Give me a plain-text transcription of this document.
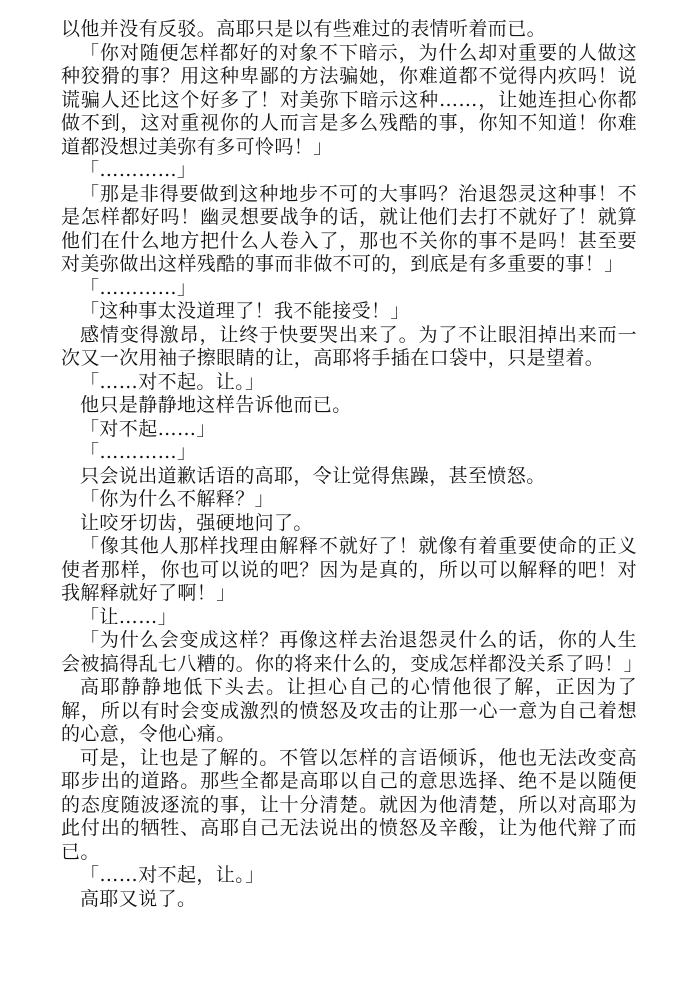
以他并没有反驳。高耶只是以有些难过的表情听着而已。

「你对随便怎样都好的对象不下暗示，为什么却对重要的人做这种狡猾的事？用这种卑鄙的方法骗她，你难道都不觉得内疚吗！说谎骗人还比这个好多了！对美弥下暗示这种……，让她连担心你都做不到，这对重视你的人而言是多么残酷的事，你知不知道！你难道都没想过美弥有多可怜吗！」

「…………」

「那是非得要做到这种地步不可的大事吗？治退怨灵这种事！不是怎样都好吗！幽灵想要战争的话，就让他们去打不就好了！就算他们在什么地方把什么人卷入了，那也不关你的事不是吗！甚至要对美弥做出这样残酷的事而非做不可的，到底是有多重要的事！」

「…………」

「这种事太没道理了！我不能接受！」

感情变得激昂，让终于快要哭出来了。为了不让眼泪掉出来而一次又一次用袖子擦眼睛的让，高耶将手插在口袋中，只是望着。

「……对不起。让。」

他只是静静地这样告诉他而已。

「对不起……」

「…………」

只会说出道歉话语的高耶，令让觉得焦躁，甚至愤怒。

「你为什么不解释？」

让咬牙切齿，强硬地问了。

「像其他人那样找理由解释不就好了！就像有着重要使命的正义使者那样，你也可以说的吧？因为是真的，所以可以解释的吧！对我解释就好了啊！」

「让……」

「为什么会变成这样？再像这样去治退怨灵什么的话，你的人生会被搞得乱七八糟的。你的将来什么的，变成怎样都没关系了吗！」

高耶静静地低下头去。让担心自己的心情他很了解，正因为了解，所以有时会变成激烈的愤怒及攻击的让那一心一意为自己着想的心意，令他心痛。

可是，让也是了解的。不管以怎样的言语倾诉，他也无法改变高耶步出的道路。那些全都是高耶以自己的意思选择、绝不是以随便的态度随波逐流的事，让十分清楚。就因为他清楚，所以对高耶为此付出的牺牲、高耶自己无法说出的愤怒及辛酸，让为他代辩了而已。

「……对不起，让。」

高耶又说了。
